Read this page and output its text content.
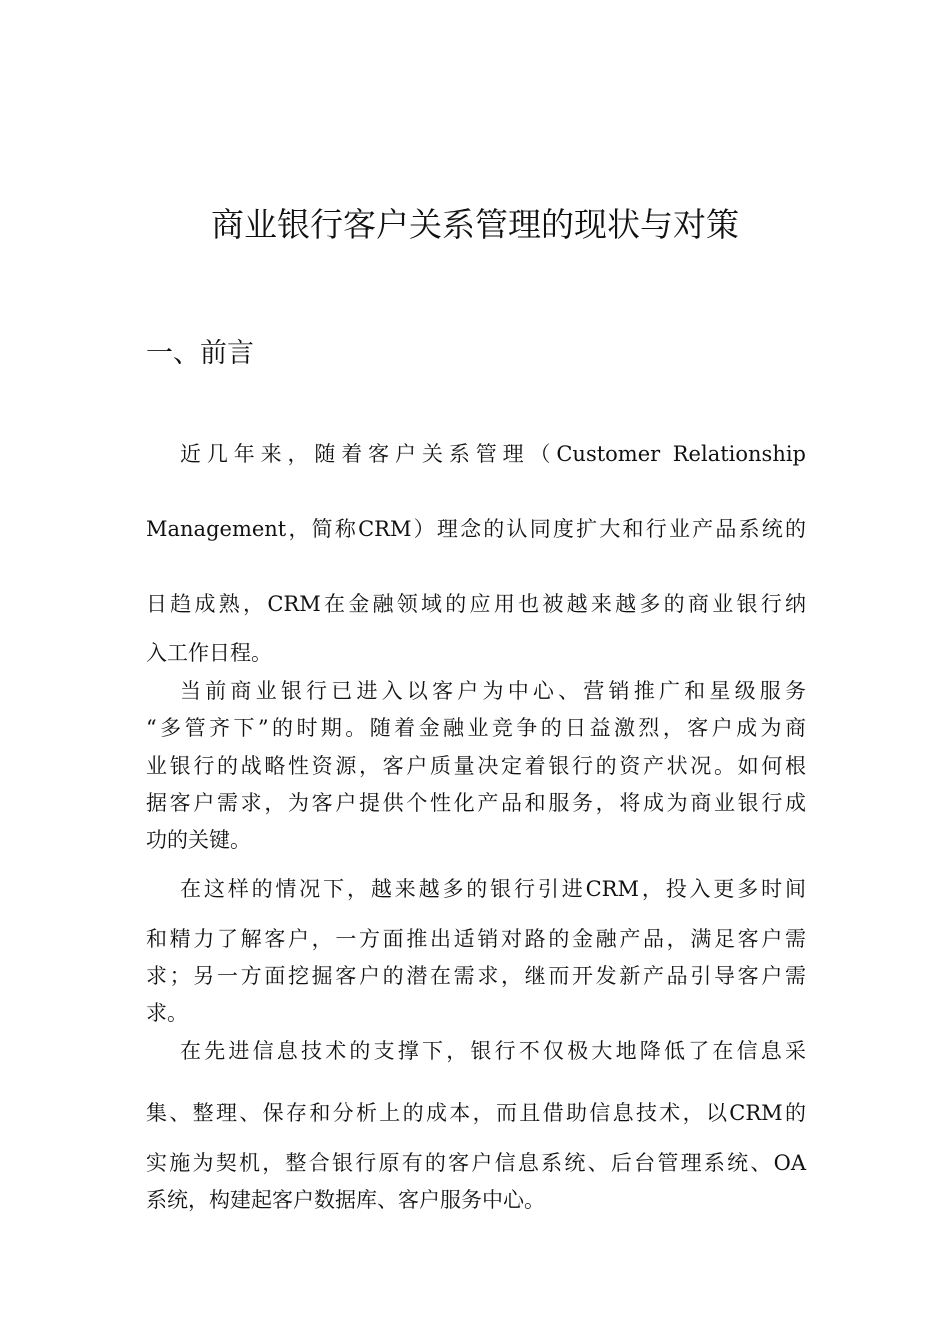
商业银行客户关系管理的现状与对策
一、前言
近几年来，随着客户关系管理（Customer Relationship
Management，简称CRM）理念的认同度扩大和行业产品系统的
日趋成熟，CRM在金融领域的应用也被越来越多的商业银行纳
入工作日程。
当前商业银行已进入以客户为中心、营销推广和星级服务
“多管齐下”的时期。随着金融业竞争的日益激烈，客户成为商
业银行的战略性资源，客户质量决定着银行的资产状况。如何根
据客户需求，为客户提供个性化产品和服务，将成为商业银行成
功的关键。
在这样的情况下，越来越多的银行引进CRM，投入更多时间
和精力了解客户，一方面推出适销对路的金融产品，满足客户需
求；另一方面挖掘客户的潜在需求，继而开发新产品引导客户需
求。
在先进信息技术的支撑下，银行不仅极大地降低了在信息采
集、整理、保存和分析上的成本，而且借助信息技术，以CRM的
实施为契机，整合银行原有的客户信息系统、后台管理系统、OA
系统，构建起客户数据库、客户服务中心。
